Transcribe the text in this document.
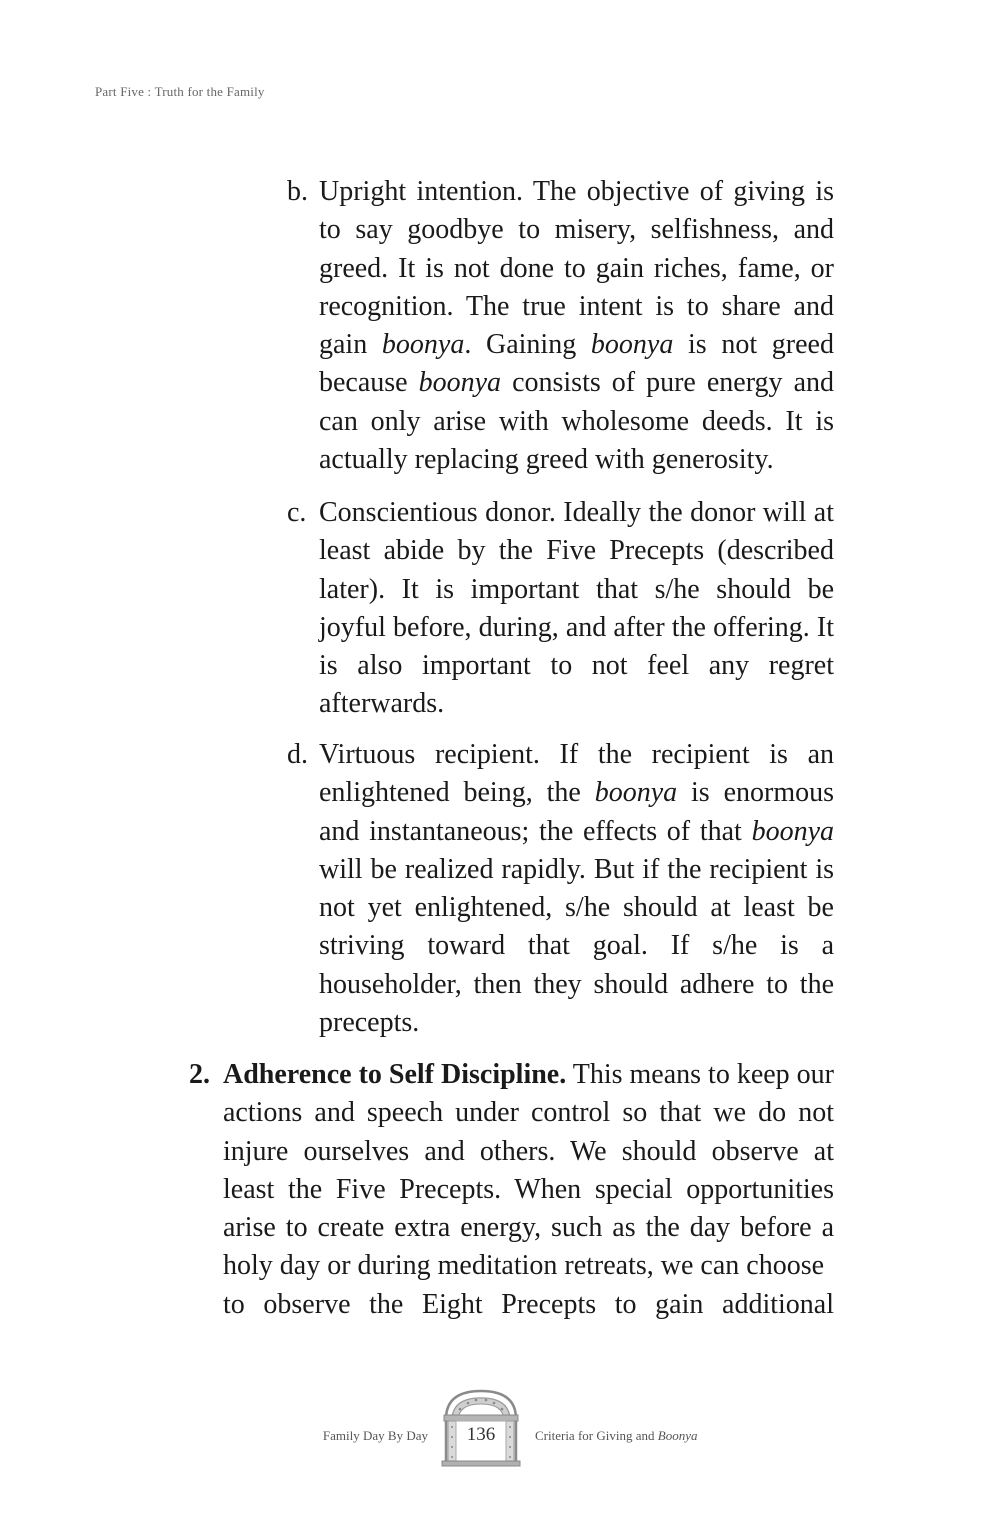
Part Five : Truth for the Family

b. Upright intention. The objective of giving is to say goodbye to misery, selfishness, and greed. It is not done to gain riches, fame, or recognition. The true intent is to share and gain boonya. Gaining boonya is not greed because boonya consists of pure energy and can only arise with wholesome deeds. It is actually replacing greed with generosity.

c. Conscientious donor. Ideally the donor will at least abide by the Five Precepts (described later). It is important that s/he should be joyful before, during, and after the offering. It is also important to not feel any regret afterwards.

d. Virtuous recipient. If the recipient is an enlightened being, the boonya is enormous and instantaneous; the effects of that boonya will be realized rapidly. But if the recipient is not yet enlightened, s/he should at least be striving toward that goal. If s/he is a householder, then they should adhere to the precepts.

2. Adherence to Self Discipline. This means to keep our actions and speech under control so that we do not injure ourselves and others. We should observe at least the Five Precepts. When special opportunities arise to create extra energy, such as the day before a holy day or during meditation retreats, we can choose
to observe the Eight Precepts to gain additional

Family Day By Day	136	Criteria for Giving and Boonya
